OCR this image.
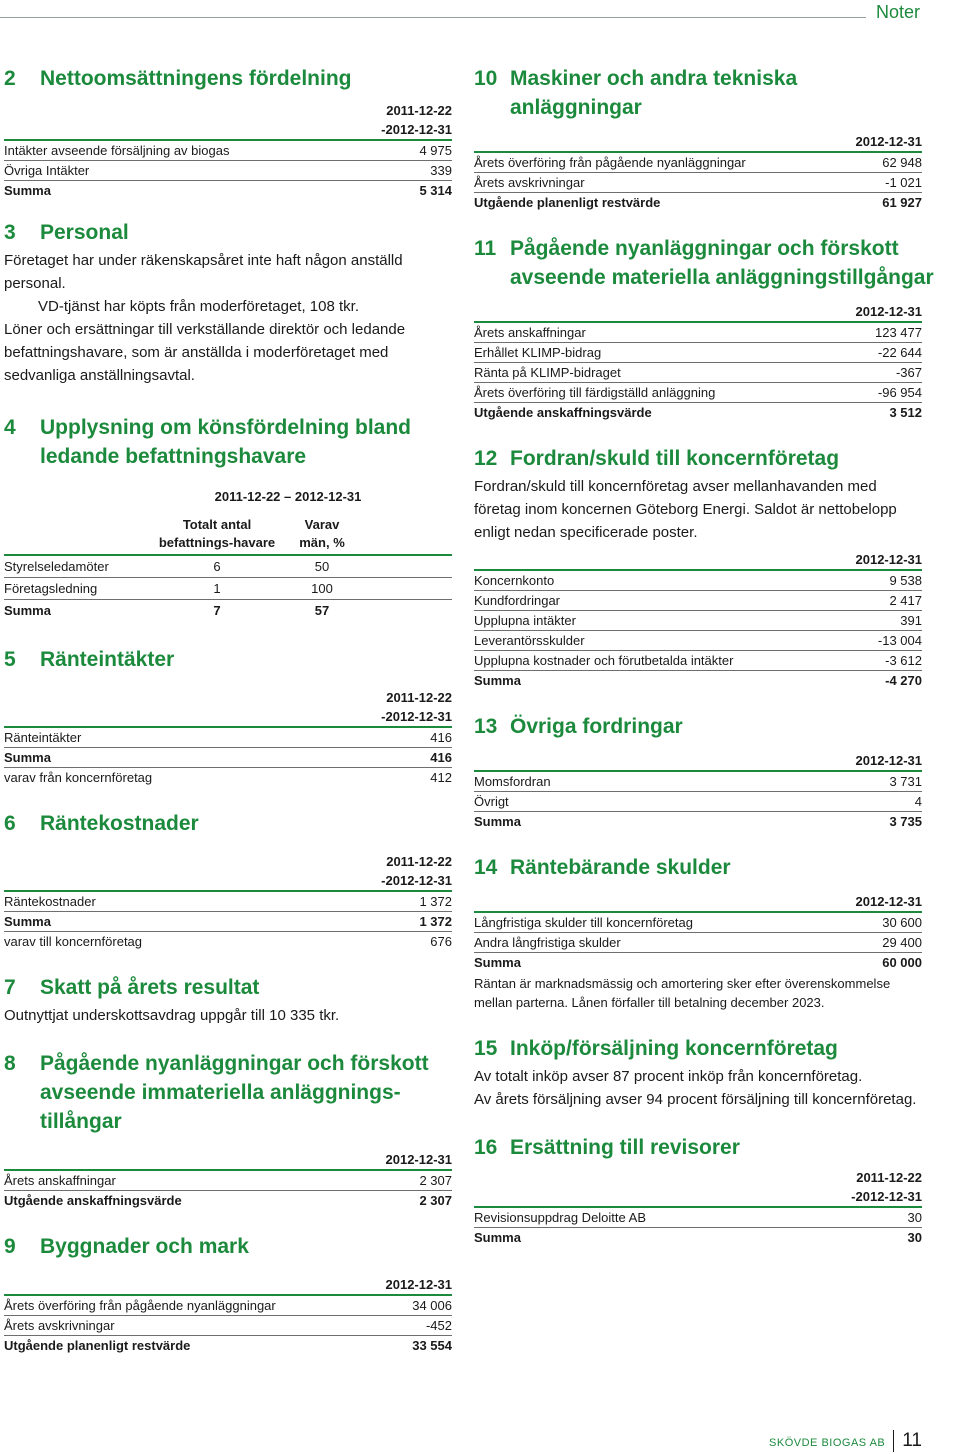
Noter
2	Nettoomsättningens fördelning
2011-12-22
-2012-12-31
Intäkter avseende försäljning av biogas	4 975
Övriga Intäkter	339
Summa	5 314
3	Personal

Företaget har under räkenskapsåret inte haft någon anställd personal.

VD-tjänst har köpts från moderföretaget, 108 tkr.

Löner och ersättningar till verkställande direktör och ledande befattningshavare, som är anställda i moderföretaget med sedvanliga anställningsavtal.

4	Upplysning om könsfördelning bland ledande befattningshavare
2011-12-22 – 2012-12-31
Totalt antal
befattnings-havare
Varav
män, %
Styrelseledamöter	6	50
Företagsledning	1	100
Summa	7	57
5	Ränteintäkter
2011-12-22
-2012-12-31
Ränteintäkter	416
Summa	416
varav från koncernföretag	412
6	Räntekostnader
2011-12-22
-2012-12-31
Räntekostnader	1 372
Summa	1 372
varav till koncernföretag	676
7	Skatt på årets resultat

Outnyttjat underskottsavdrag uppgår till 10 335 tkr.

8	Pågående nyanläggningar och förskott avseende immateriella anläggnings-tillångar
2012-12-31
Årets anskaffningar	2 307
Utgående anskaffningsvärde	2 307
9	Byggnader och mark
2012-12-31
Årets överföring från pågående nyanläggningar	34 006
Årets avskrivningar	-452
Utgående planenligt restvärde	33 554
10 Maskiner och andra tekniska anläggningar
2012-12-31
Årets överföring från pågående nyanläggningar	62 948
Årets avskrivningar	-1 021
Utgående planenligt restvärde	61 927
11 Pågående nyanläggningar och förskott avseende materiella anläggningstillgångar
2012-12-31
Årets anskaffningar	123 477
Erhållet KLIMP-bidrag	-22 644
Ränta på KLIMP-bidraget	-367
Årets överföring till färdigställd anläggning	-96 954
Utgående anskaffningsvärde	3 512
12 Fordran/skuld till koncernföretag

Fordran/skuld till koncernföretag avser mellanhavanden med företag inom koncernen Göteborg Energi. Saldot är nettobelopp enligt nedan specificerade poster.

2012-12-31
Koncernkonto	9 538
Kundfordringar	2 417
Upplupna intäkter	391
Leverantörsskulder	-13 004
Upplupna kostnader och förutbetalda intäkter	-3 612
Summa	-4 270
13 Övriga fordringar
2012-12-31
Momsfordran	3 731
Övrigt	4
Summa	3 735
14 Räntebärande skulder
2012-12-31
Långfristiga skulder till koncernföretag	30 600
Andra långfristiga skulder	29 400
Summa	60 000
Räntan är marknadsmässig och amortering sker efter överenskommelse mellan parterna. Lånen förfaller till betalning december 2023.
15 Inköp/försäljning koncernföretag

Av totalt inköp avser 87 procent inköp från koncernföretag.

Av årets försäljning avser 94 procent försäljning till koncernföretag.

16 Ersättning till revisorer
2011-12-22
-2012-12-31
Revisionsuppdrag Deloitte AB	30
Summa	30
SKÖVDE BIOGAS AB 11
